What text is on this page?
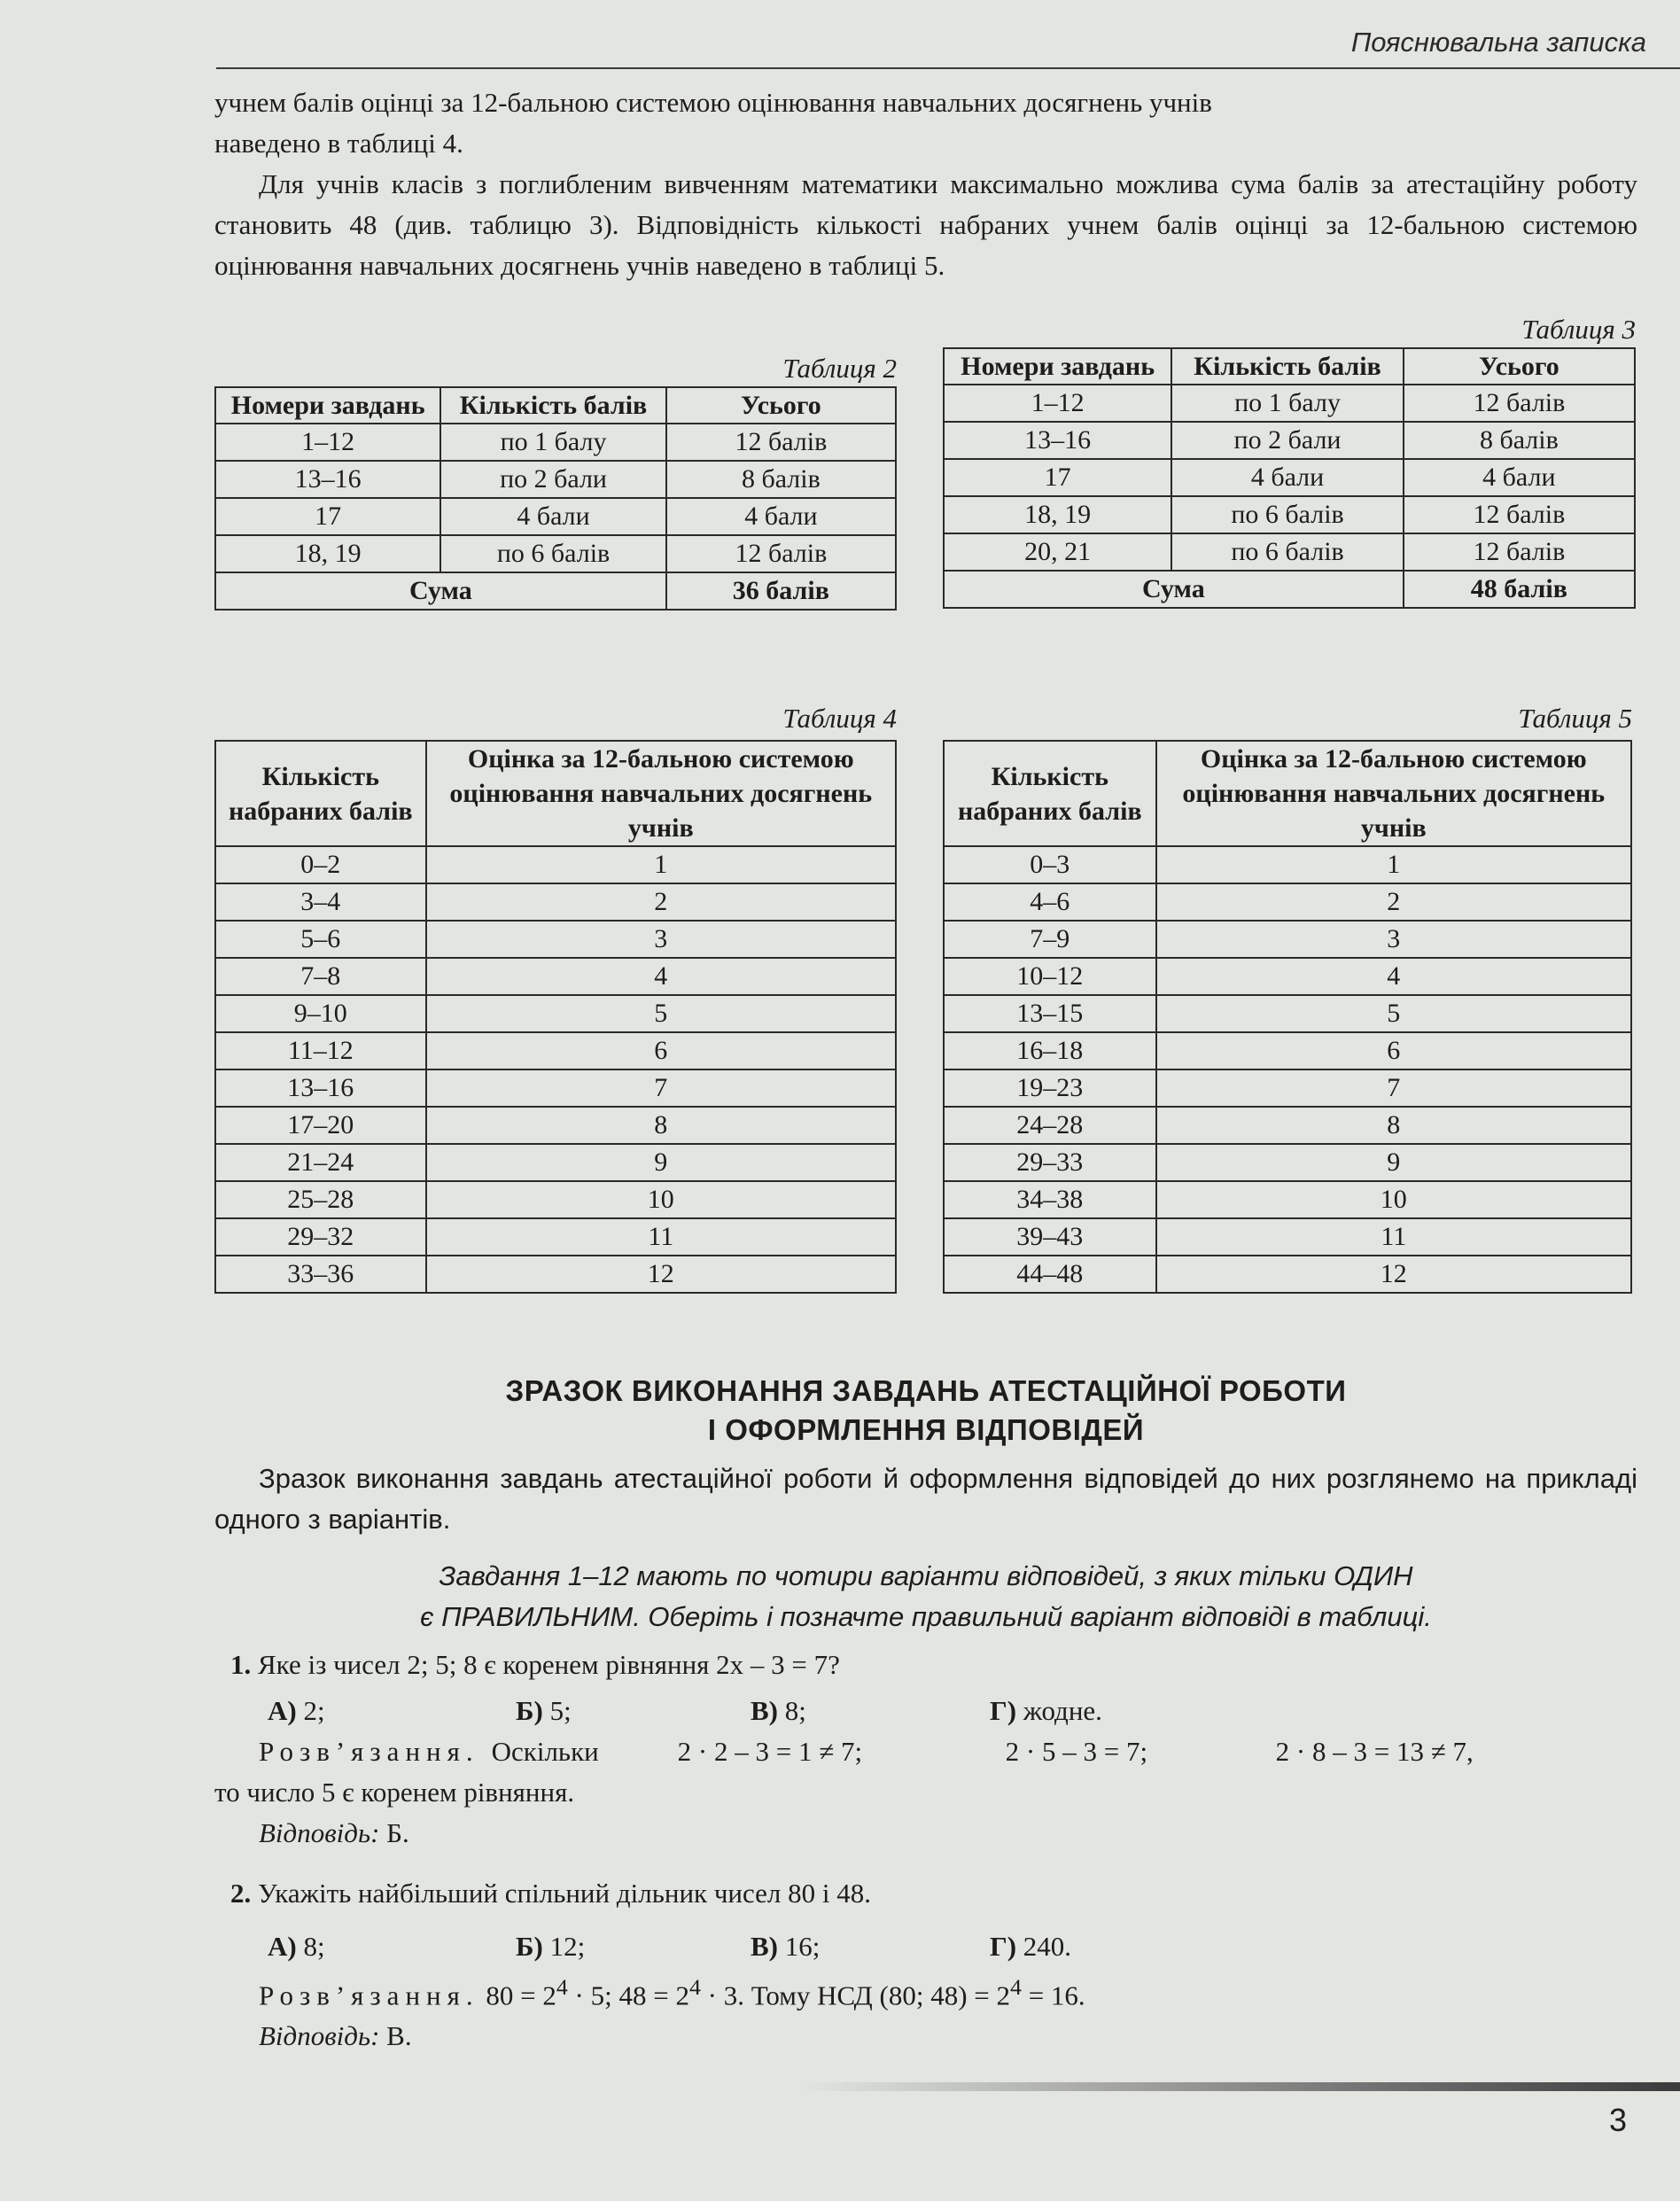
Пояснювальна записка

учнем балів оцінці за 12-бальною системою оцінювання навчальних досягнень учнів

наведено в таблиці 4.

Для учнів класів з поглибленим вивченням математики максимально можлива сума балів за атестаційну роботу становить 48 (див. таблицю 3). Відповідність кількості набраних учнем балів оцінці за 12-бальною системою оцінювання навчальних досягнень учнів наведено в таблиці 5.

Таблиця 2
Номери завдань	Кількість балів	Усього
1–12	по 1 балу	12 балів
13–16	по 2 бали	8 балів
17	4 бали	4 бали
18, 19	по 6 балів	12 балів
Сума		36 балів
Таблиця 3
Номери завдань	Кількість балів	Усього
1–12	по 1 балу	12 балів
13–16	по 2 бали	8 балів
17	4 бали	4 бали
18, 19	по 6 балів	12 балів
20, 21	по 6 балів	12 балів
Сума		48 балів
Таблиця 4
Кількість набраних балів	Оцінка за 12-бальною системою оцінювання навчальних досягнень учнів
0–2	1
3–4	2
5–6	3
7–8	4
9–10	5
11–12	6
13–16	7
17–20	8
21–24	9
25–28	10
29–32	11
33–36	12
Таблиця 5
Кількість набраних балів	Оцінка за 12-бальною системою оцінювання навчальних досягнень учнів
0–3	1
4–6	2
7–9	3
10–12	4
13–15	5
16–18	6
19–23	7
24–28	8
29–33	9
34–38	10
39–43	11
44–48	12
ЗРАЗОК ВИКОНАННЯ ЗАВДАНЬ АТЕСТАЦІЙНОЇ РОБОТИ
І ОФОРМЛЕННЯ ВІДПОВІДЕЙ
Зразок виконання завдань атестаційної роботи й оформлення відповідей до них розглянемо на прикладі одного з варіантів.
Завдання 1–12 мають по чотири варіанти відповідей, з яких тільки ОДИН
є ПРАВИЛЬНИМ. Оберіть і позначте правильний варіант відповіді в таблиці.
1. Яке із чисел 2; 5; 8 є коренем рівняння 2x – 3 = 7?
А) 2;	Б) 5;	В) 8;	Г) жодне.
Розв’язання. Оскільки	2 · 2 – 3 = 1 ≠ 7;	2 · 5 – 3 = 7;	2 · 8 – 3 = 13 ≠ 7,
то число 5 є коренем рівняння.
Відповідь: Б.
2. Укажіть найбільший спільний дільник чисел 80 і 48.
А) 8;	Б) 12;	В) 16;	Г) 240.
Розв’язання. $80 = 2^4 \cdot 5$; $48 = 2^4 \cdot 3$. Тому НСД (80; $48) = 2^4 = 16$.
Відповідь: В.
3
